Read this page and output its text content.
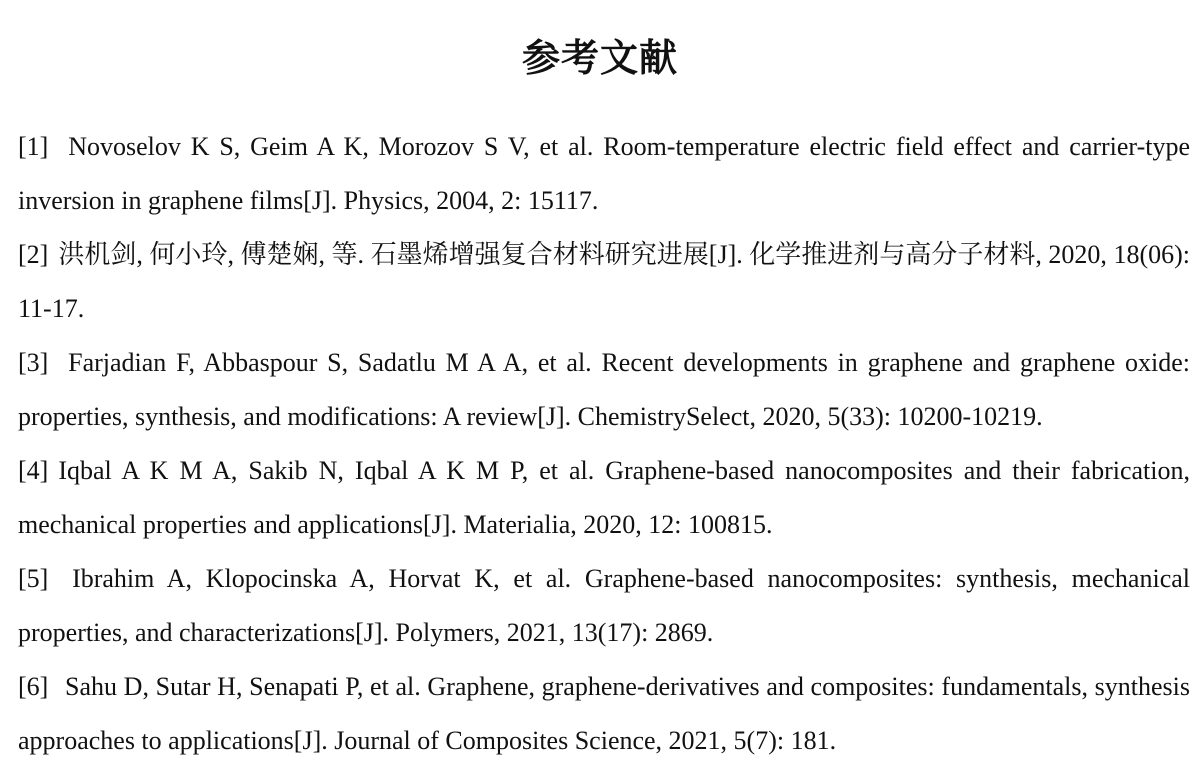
参考文献

[1] Novoselov K S, Geim A K, Morozov S V, et al. Room-temperature electric field effect and carrier-type inversion in graphene films[J]. Physics, 2004, 2: 15117.

[2] 洪机剑, 何小玲, 傅楚娴, 等. 石墨烯增强复合材料研究进展[J]. 化学推进剂与高分子材料, 2020, 18(06): 11-17.

[3] Farjadian F, Abbaspour S, Sadatlu M A A, et al. Recent developments in graphene and graphene oxide: properties, synthesis, and modifications: A review[J]. ChemistrySelect, 2020, 5(33): 10200-10219.

[4] Iqbal A K M A, Sakib N, Iqbal A K M P, et al. Graphene-based nanocomposites and their fabrication, mechanical properties and applications[J]. Materialia, 2020, 12: 100815.

[5] Ibrahim A, Klopocinska A, Horvat K, et al. Graphene-based nanocomposites: synthesis, mechanical properties, and characterizations[J]. Polymers, 2021, 13(17): 2869.

[6] Sahu D, Sutar H, Senapati P, et al. Graphene, graphene-derivatives and composites: fundamentals, synthesis approaches to applications[J]. Journal of Composites Science, 2021, 5(7): 181.
